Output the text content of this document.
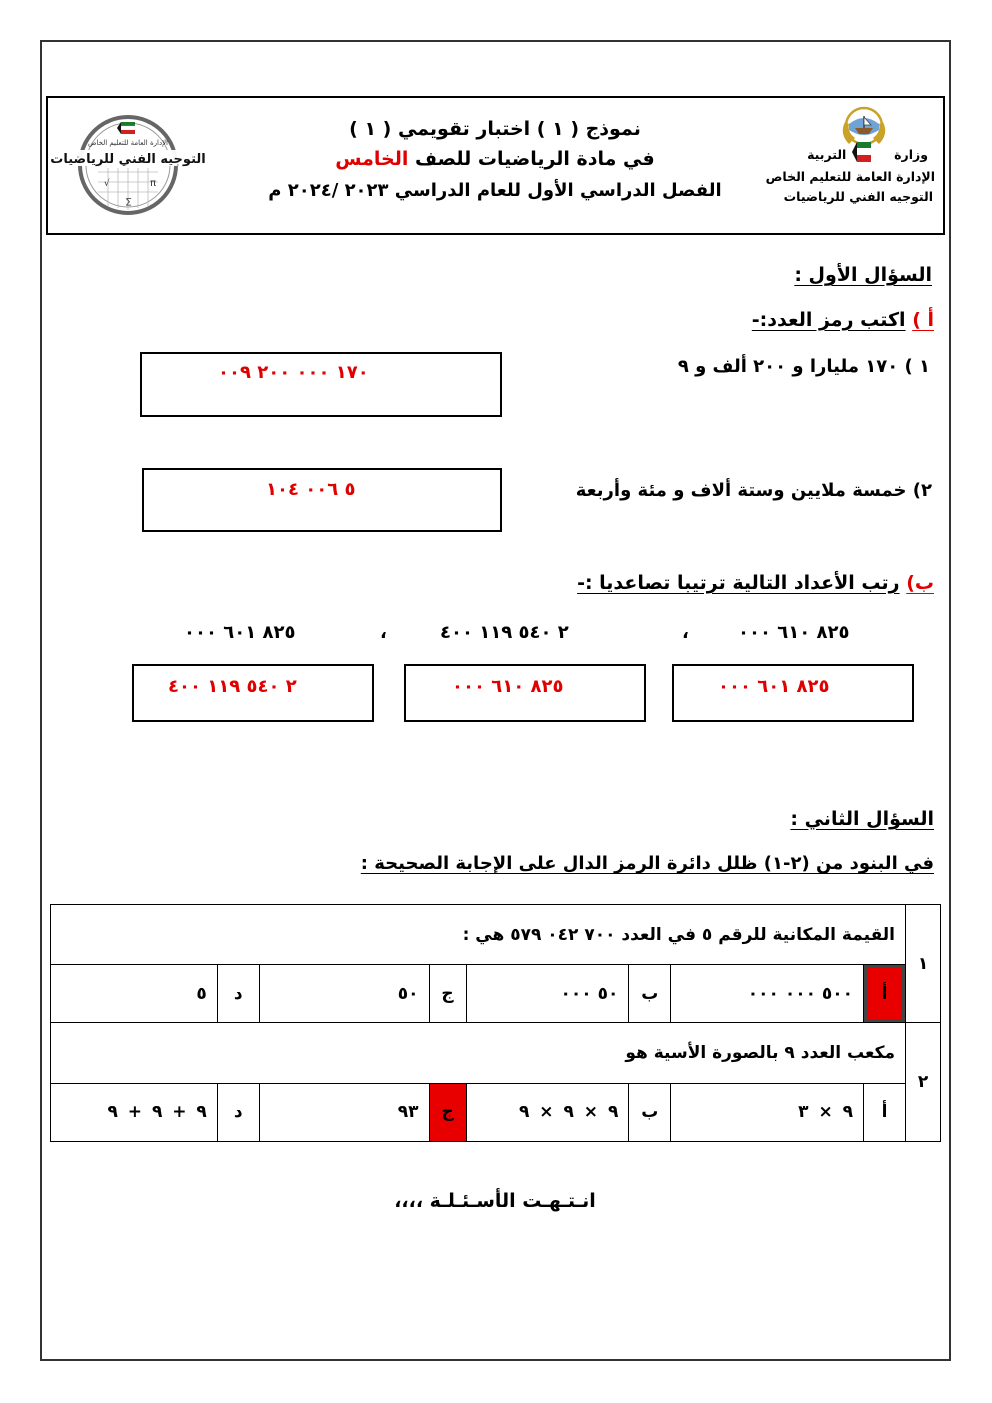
وزارة           التربية
الإدارة العامة للتعليم الخاص
التوجيه الفني للرياضيات
نموذج ( ١ ) اختبار تقويمي ( ١ )
في مادة الرياضيات للصف الخامس
الفصل الدراسي الأول للعام الدراسي ٢٠٢٣ /٢٠٢٤ م
الإدارة العامة للتعليم الخاص
التوجيه الفني للرياضيات
π
√
∑
السؤال الأول :
أ ) اكتب رمز العدد:-
١ ) ١٧٠ مليارا و ٢٠٠ ألف و ٩
١٧٠ ٠٠٠ ٢٠٠ ٠٠٩
٢) خمسة ملايين وستة ألاف و مئة وأربعة
٥ ٠٠٦ ١٠٤
ب) رتب الأعداد التالية ترتيبا تصاعديا :-
٨٢٥ ٦١٠ ٠٠٠
،
٢ ٥٤٠ ١١٩ ٤٠٠
،
٨٢٥ ٦٠١ ٠٠٠
٨٢٥ ٦٠١ ٠٠٠
٨٢٥ ٦١٠ ٠٠٠
٢ ٥٤٠ ١١٩ ٤٠٠
السؤال الثاني :
في البنود من (٢-١) ظلل دائرة الرمز الدال على الإجابة الصحيحة :
١	القيمة المكانية للرقم ٥ في العدد ٧٠٠ ٠٤٢ ٥٧٩ هي :							
	أ	٥٠٠ ٠٠٠ ٠٠٠	ب	٥٠ ٠٠٠	ج	٥٠	د	٥
٢	مكعب العدد ٩ بالصورة الأسية هو							
	أ	٩ × ٣	ب	٩ × ٩ × ٩	ج	٩٣	د	٩ + ٩ + ٩
انـتـهـت الأسـئـلـة ،،،،
